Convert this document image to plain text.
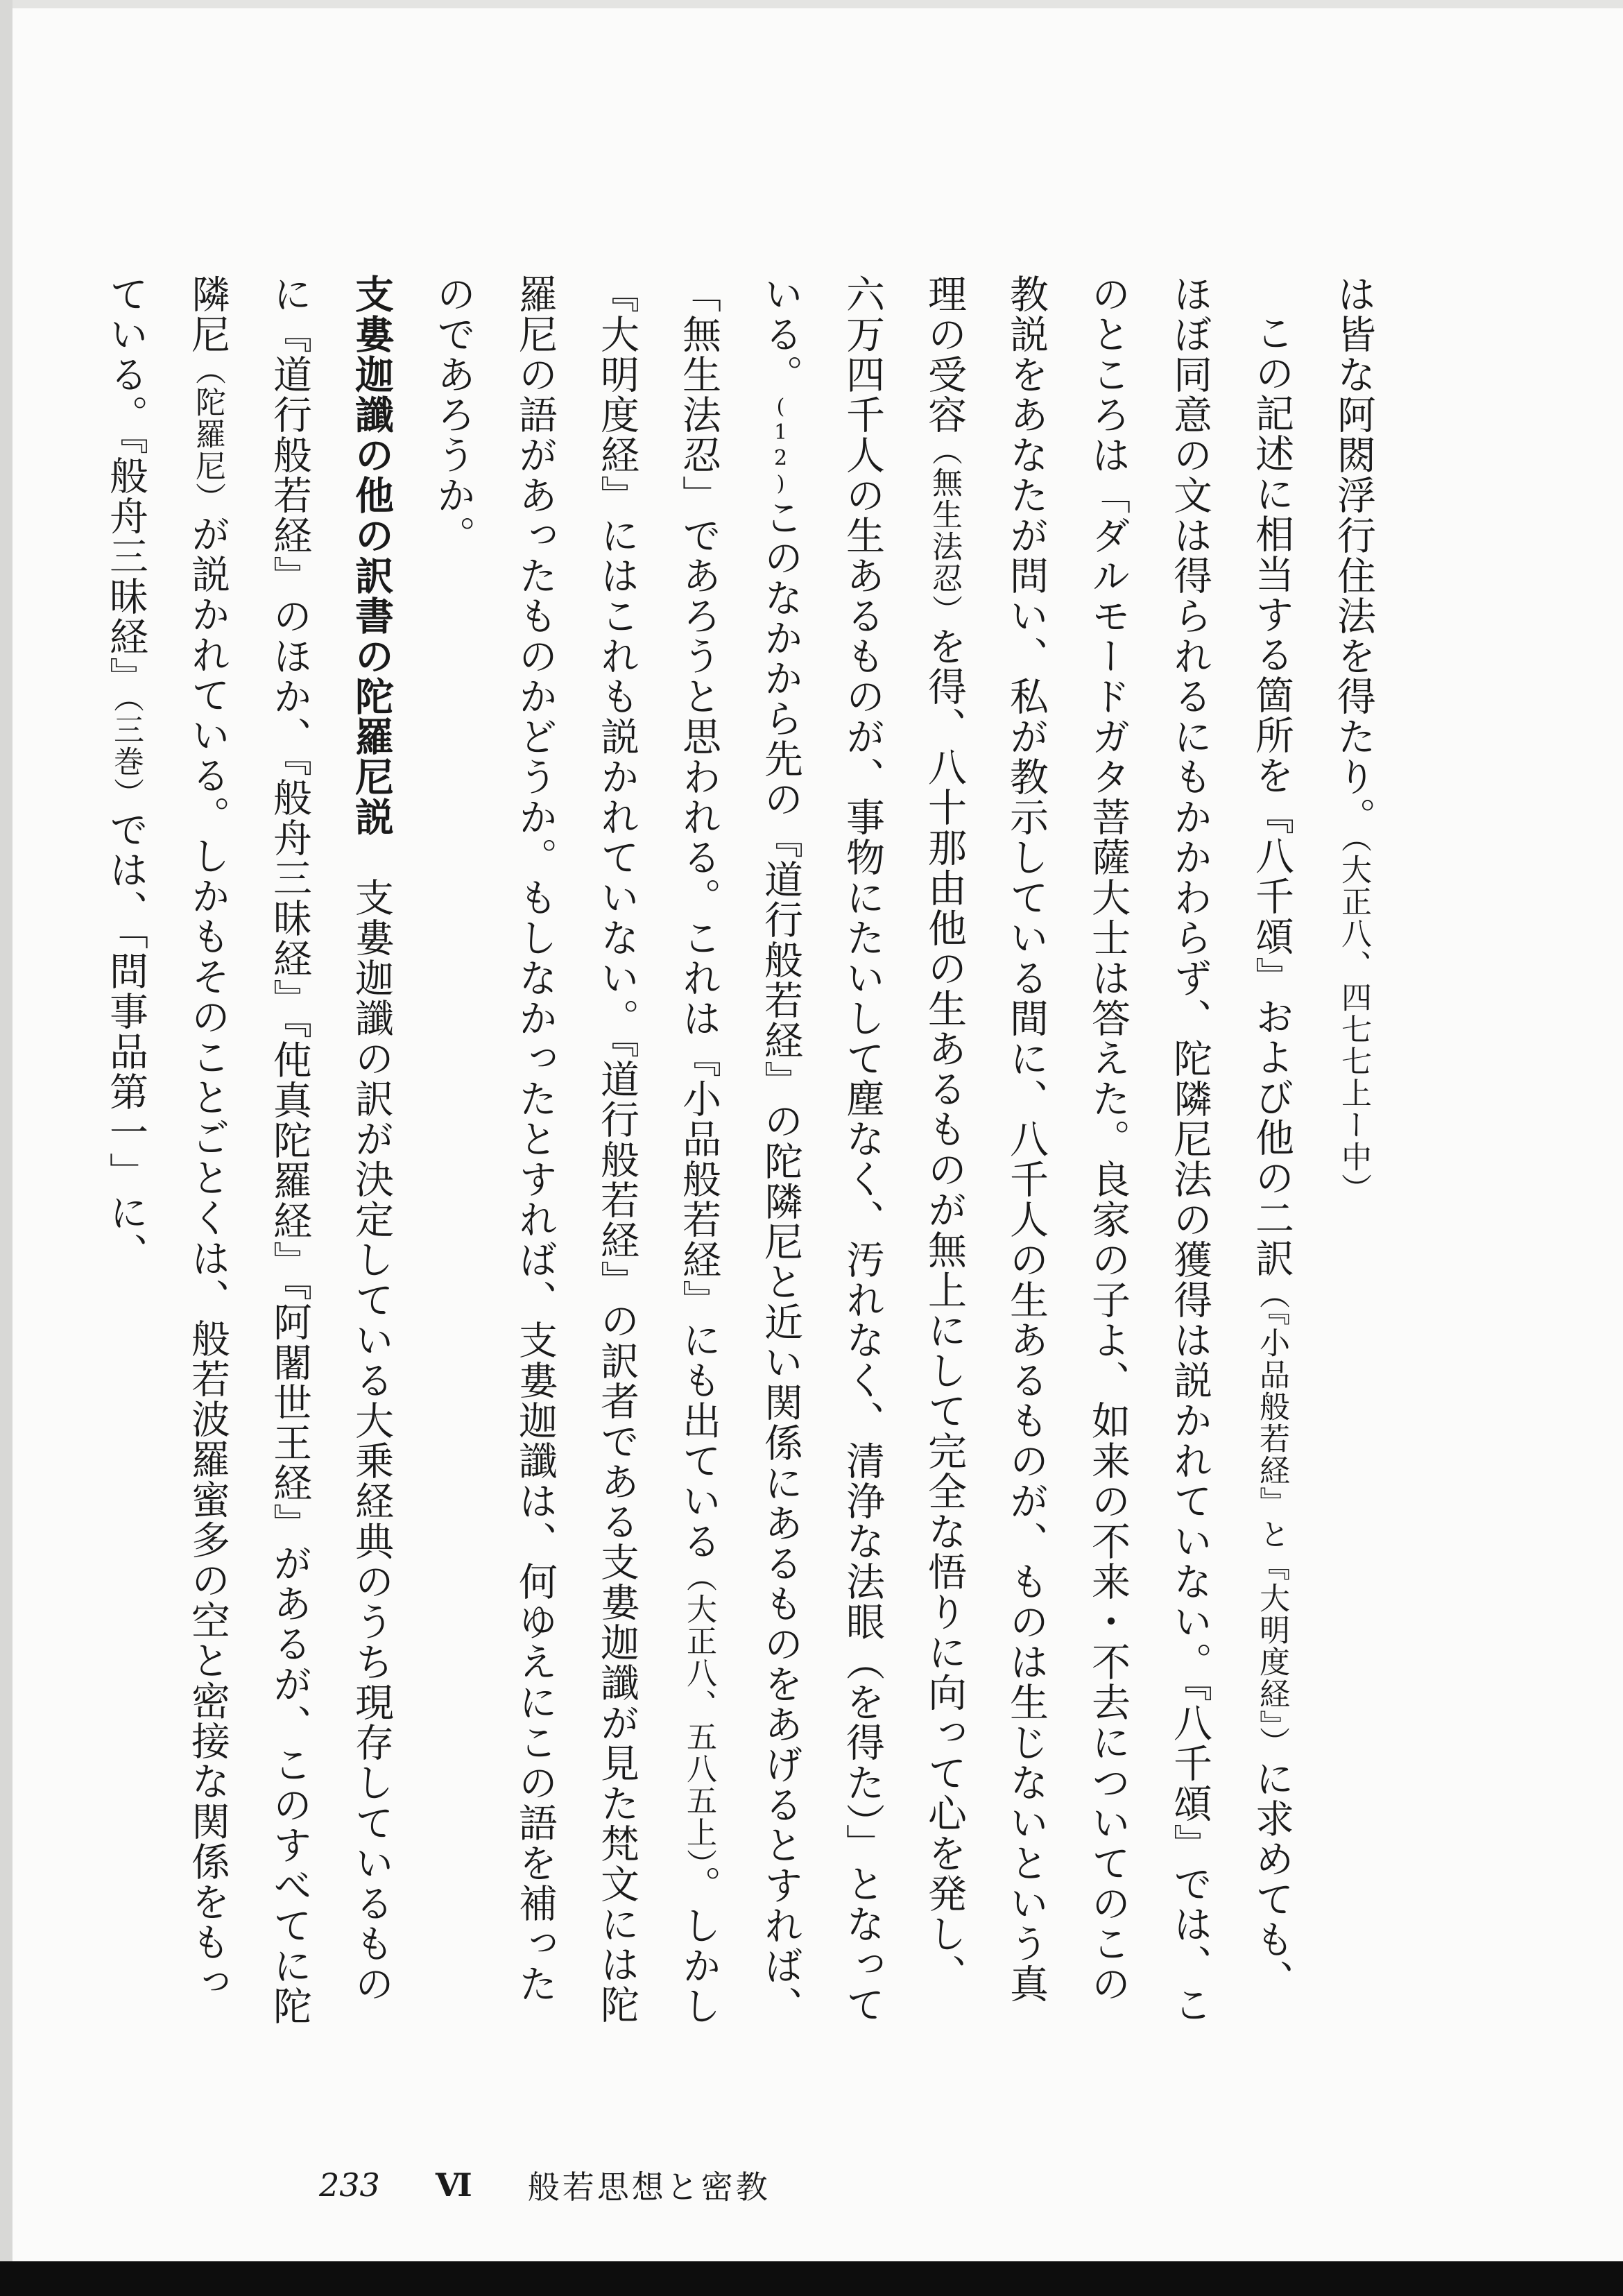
は皆な阿閦浮行住法を得たり。（大正八、四七七上ー中）

この記述に相当する箇所を『八千頌』および他の二訳（『小品般若経』と『大明度経』）に求めても、ほぼ同意の文は得られるにもかかわらず、陀隣尼法の獲得は説かれていない。『八千頌』では、このところは「ダルモードガタ菩薩大士は答えた。良家の子よ、如来の不来・不去についてのこの教説をあなたが問い、私が教示している間に、八千人の生あるものが、ものは生じないという真理の受容（無生法忍）を得、八十那由他の生あるものが無上にして完全な悟りに向って心を発し、六万四千人の生あるものが、事物にたいして塵なく、汚れなく、清浄な法眼（を得た）」となっている。(12)このなかから先の『道行般若経』の陀隣尼と近い関係にあるものをあげるとすれば、「無生法忍」であろうと思われる。これは『小品般若経』にも出ている（大正八、五八五上）。しかし『大明度経』にはこれも説かれていない。『道行般若経』の訳者である支婁迦讖が見た梵文には陀羅尼の語があったものかどうか。もしなかったとすれば、支婁迦讖は、何ゆえにこの語を補ったのであろうか。

支婁迦讖の他の訳書の陀羅尼説　支婁迦讖の訳が決定している大乗経典のうち現存しているものに『道行般若経』のほか、『般舟三昧経』『伅真陀羅経』『阿闍世王経』があるが、このすべてに陀隣尼（陀羅尼）が説かれている。しかもそのことごとくは、般若波羅蜜多の空と密接な関係をもっている。『般舟三昧経』（三巻）では、「問事品第一」に、

233 Ⅵ 般若思想と密教
